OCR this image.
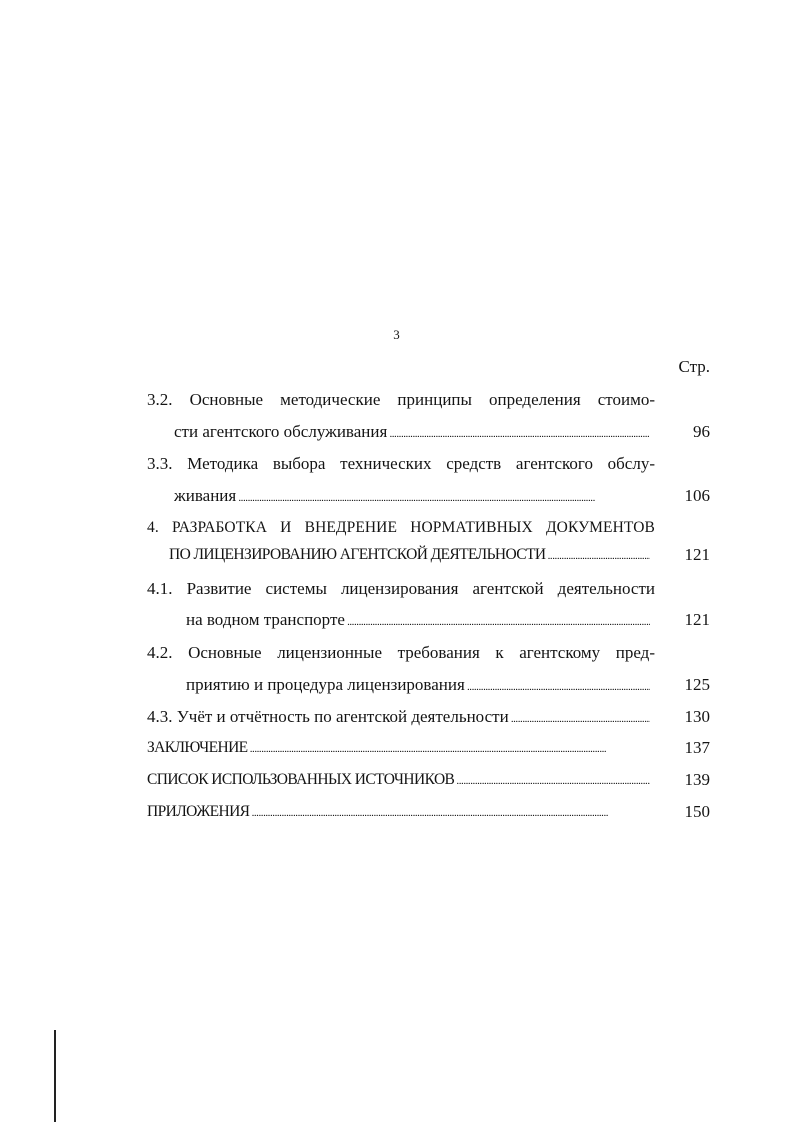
3
Стр.
3.2. Основные методические принципы определения стоимо-
сти агентского обслуживания . . .	96
3.3. Методика выбора технических средств агентского обслу-
живания . . .	106
4. РАЗРАБОТКА И ВНЕДРЕНИЕ НОРМАТИВНЫХ ДОКУМЕНТОВ
ПО ЛИЦЕНЗИРОВАНИЮ АГЕНТСКОЙ ДЕЯТЕЛЬНОСТИ . . .	121
4.1. Развитие системы лицензирования агентской деятельности
на водном транспорте . . .	121
4.2. Основные лицензионные требования к агентскому пред-
приятию и процедура лицензирования . . .	125
4.3. Учёт и отчётность по агентской деятельности . . .	130
ЗАКЛЮЧЕНИЕ . . .	137
СПИСОК ИСПОЛЬЗОВАННЫХ ИСТОЧНИКОВ . . .	139
ПРИЛОЖЕНИЯ . . .	150
